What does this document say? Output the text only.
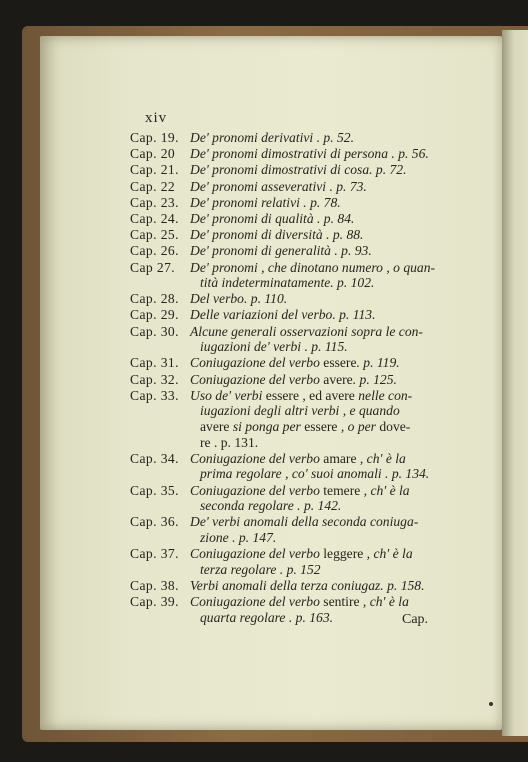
xiv
Cap. 19. De' pronomi derivativi . p. 52.
Cap. 20	De' pronomi dimostrativi di persona . p. 56.
Cap. 21. De' pronomi dimostrativi di cosa. p. 72.
Cap. 22	De' pronomi asseverativi . p. 73.
Cap. 23. De' pronomi relativi . p. 78.
Cap. 24. De' pronomi di qualità . p. 84.
Cap. 25. De' pronomi di diversità . p. 88.
Cap. 26. De' pronomi di generalità . p. 93.
Cap 27.	De' pronomi , che dinotano numero , o quan-
tità indeterminatamente. p. 102.
Cap. 28. Del verbo. p. 110.
Cap. 29. Delle variazioni del verbo. p. 113.
Cap. 30. Alcune generali osservazioni sopra le con-
iugazioni de' verbi . p. 115.
Cap. 31. Coniugazione del verbo essere. p. 119.
Cap. 32. Coniugazione del verbo avere. p. 125.
Cap. 33. Uso de' verbi essere , ed avere nelle con-
iugazioni degli altri verbi , e quando
avere si ponga per essere , o per dove-
re . p. 131.
Cap. 34. Coniugazione del verbo amare , ch' è la
prima regolare , co' suoi anomali . p. 134.
Cap. 35. Coniugazione del verbo temere , ch' è la
seconda regolare . p. 142.
Cap. 36. De' verbi anomali della seconda coniuga-
zione . p. 147.
Cap. 37. Coniugazione del verbo leggere , ch' è la
terza regolare . p. 152
Cap. 38. Verbi anomali della terza coniugaz. p. 158.
Cap. 39. Coniugazione del verbo sentire , ch' è la
quarta regolare . p. 163.	Cap.
